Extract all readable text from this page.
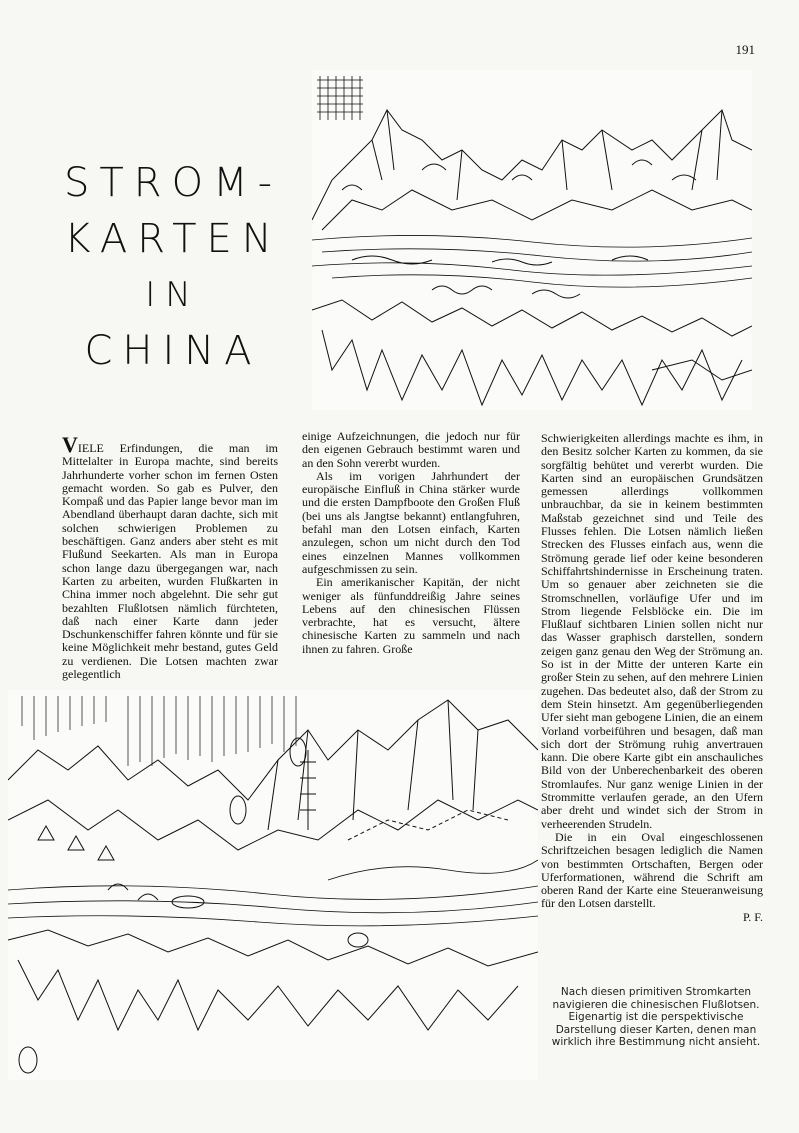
191
STROM-
KARTEN
IN
CHINA

VIELE Erfindungen, die man im Mittelalter in Europa machte, sind bereits Jahrhunderte vorher schon im fernen Osten gemacht worden. So gab es Pulver, den Kompaß und das Papier lange bevor man im Abendland überhaupt daran dachte, sich mit solchen schwierigen Problemen zu beschäftigen. Ganz anders aber steht es mit Flußund Seekarten. Als man in Europa schon lange dazu übergegangen war, nach Karten zu arbeiten, wurden Flußkarten in China immer noch abgelehnt. Die sehr gut bezahlten Flußlotsen nämlich fürchteten, daß nach einer Karte dann jeder Dschunkenschiffer fahren könnte und für sie keine Möglichkeit mehr bestand, gutes Geld zu verdienen. Die Lotsen machten zwar gelegentlich

einige Aufzeichnungen, die jedoch nur für den eigenen Gebrauch bestimmt waren und an den Sohn vererbt wurden.

Als im vorigen Jahrhundert der europäische Einfluß in China stärker wurde und die ersten Dampfboote den Großen Fluß (bei uns als Jangtse bekannt) entlangfuhren, befahl man den Lotsen einfach, Karten anzulegen, schon um nicht durch den Tod eines einzelnen Mannes vollkommen aufgeschmissen zu sein.

Ein amerikanischer Kapitän, der nicht weniger als fünfunddreißig Jahre seines Lebens auf den chinesischen Flüssen verbrachte, hat es versucht, ältere chinesische Karten zu sammeln und nach ihnen zu fahren. Große

Schwierigkeiten allerdings machte es ihm, in den Besitz solcher Karten zu kommen, da sie sorgfältig behütet und vererbt wurden. Die Karten sind an europäischen Grundsätzen gemessen allerdings vollkommen unbrauchbar, da sie in keinem bestimmten Maßstab gezeichnet sind und Teile des Flusses fehlen. Die Lotsen nämlich ließen Strecken des Flusses einfach aus, wenn die Strömung gerade lief oder keine besonderen Schiffahrtshindernisse in Erscheinung traten. Um so genauer aber zeichneten sie die Stromschnellen, vorläufige Ufer und im Strom liegende Felsblöcke ein. Die im Flußlauf sichtbaren Linien sollen nicht nur das Wasser graphisch darstellen, sondern zeigen ganz genau den Weg der Strömung an. So ist in der Mitte der unteren Karte ein großer Stein zu sehen, auf den mehrere Linien zugehen. Das bedeutet also, daß der Strom zu dem Stein hinsetzt. Am gegenüberliegenden Ufer sieht man gebogene Linien, die an einem Vorland vorbeiführen und besagen, daß man sich dort der Strömung ruhig anvertrauen kann. Die obere Karte gibt ein anschauliches Bild von der Unberechenbarkeit des oberen Stromlaufes. Nur ganz wenige Linien in der Strommitte verlaufen gerade, an den Ufern aber dreht und windet sich der Strom in verheerenden Strudeln.

Die in ein Oval eingeschlossenen Schriftzeichen besagen lediglich die Namen von bestimmten Ortschaften, Bergen oder Uferformationen, während die Schrift am oberen Rand der Karte eine Steueranweisung für den Lotsen darstellt.

P. F.
Nach diesen primitiven Stromkarten navigieren die chinesischen Flußlotsen. Eigenartig ist die perspektivische Darstellung dieser Karten, denen man wirklich ihre Bestimmung nicht ansieht.
